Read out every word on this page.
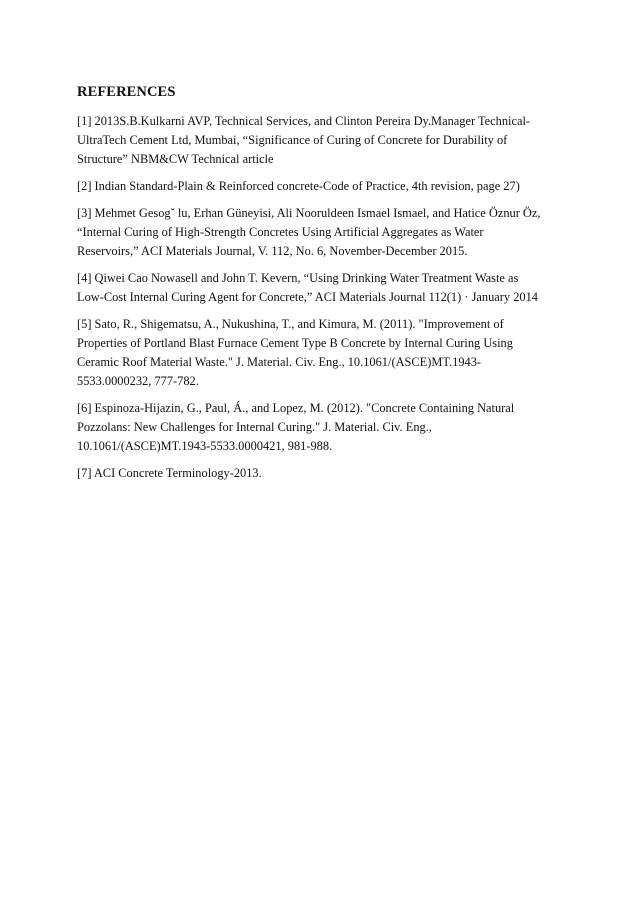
REFERENCES

[1] 2013S.B.Kulkarni AVP, Technical Services, and Clinton Pereira Dy.Manager Technical-
UltraTech Cement Ltd, Mumbai, “Significance of Curing of Concrete for Durability of
Structure” NBM&CW Technical article

[2] Indian Standard-Plain & Reinforced concrete-Code of Practice, 4th revision, page 27)

[3] Mehmet Gesog˘ lu, Erhan Güneyisi, Ali Nooruldeen Ismael Ismael, and Hatice Öznur Öz,
“Internal Curing of High-Strength Concretes Using Artificial Aggregates as Water
Reservoirs,” ACI Materials Journal, V. 112, No. 6, November-December 2015.

[4] Qiwei Cao Nowasell and John T. Kevern, “Using Drinking Water Treatment Waste as
Low-Cost Internal Curing Agent for Concrete,” ACI Materials Journal 112(1) · January 2014

[5] Sato, R., Shigematsu, A., Nukushina, T., and Kimura, M. (2011). "Improvement of
Properties of Portland Blast Furnace Cement Type B Concrete by Internal Curing Using
Ceramic Roof Material Waste." J. Material. Civ. Eng., 10.1061/(ASCE)MT.1943-
5533.0000232, 777-782.

[6] Espinoza-Hijazin, G., Paul, Á., and Lopez, M. (2012). "Concrete Containing Natural
Pozzolans: New Challenges for Internal Curing." J. Material. Civ. Eng.,
10.1061/(ASCE)MT.1943-5533.0000421, 981-988.

[7] ACI Concrete Terminology-2013.
